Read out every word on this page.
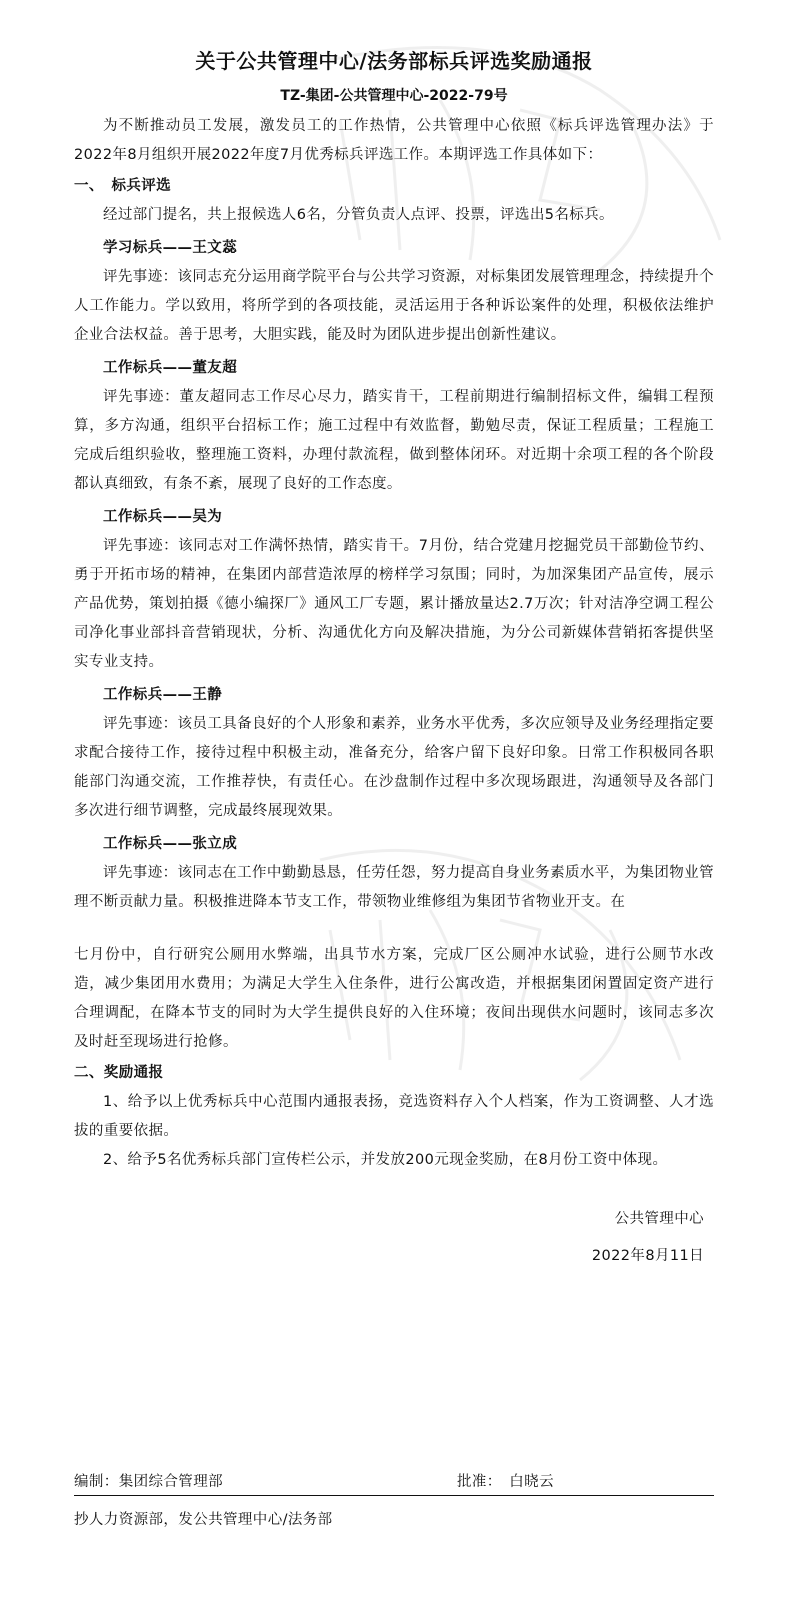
关于公共管理中心/法务部标兵评选奖励通报
TZ-集团-公共管理中心-2022-79号

为不断推动员工发展，激发员工的工作热情，公共管理中心依照《标兵评选管理办法》于2022年8月组织开展2022年度7月优秀标兵评选工作。本期评选工作具体如下：

一、　标兵评选

经过部门提名，共上报候选人6名，分管负责人点评、投票，评选出5名标兵。

学习标兵——王文蕊

评先事迹：该同志充分运用商学院平台与公共学习资源，对标集团发展管理理念，持续提升个人工作能力。学以致用，将所学到的各项技能，灵活运用于各种诉讼案件的处理，积极依法维护企业合法权益。善于思考，大胆实践，能及时为团队进步提出创新性建议。

工作标兵——董友超

评先事迹：董友超同志工作尽心尽力，踏实肯干，工程前期进行编制招标文件，编辑工程预算，多方沟通，组织平台招标工作；施工过程中有效监督，勤勉尽责，保证工程质量；工程施工完成后组织验收，整理施工资料，办理付款流程，做到整体闭环。对近期十余项工程的各个阶段都认真细致，有条不紊，展现了良好的工作态度。

工作标兵——吴为

评先事迹：该同志对工作满怀热情，踏实肯干。7月份，结合党建月挖掘党员干部勤俭节约、勇于开拓市场的精神，在集团内部营造浓厚的榜样学习氛围；同时，为加深集团产品宣传，展示产品优势，策划拍摄《德小编探厂》通风工厂专题，累计播放量达2.7万次；针对洁净空调工程公司净化事业部抖音营销现状，分析、沟通优化方向及解决措施，为分公司新媒体营销拓客提供坚实专业支持。

工作标兵——王静

评先事迹：该员工具备良好的个人形象和素养，业务水平优秀，多次应领导及业务经理指定要求配合接待工作，接待过程中积极主动，准备充分，给客户留下良好印象。日常工作积极同各职能部门沟通交流，工作推荐快，有责任心。在沙盘制作过程中多次现场跟进，沟通领导及各部门多次进行细节调整，完成最终展现效果。

工作标兵——张立成

评先事迹：该同志在工作中勤勤恳恳，任劳任怨，努力提高自身业务素质水平，为集团物业管理不断贡献力量。积极推进降本节支工作，带领物业维修组为集团节省物业开支。在

七月份中，自行研究公厕用水弊端，出具节水方案，完成厂区公厕冲水试验，进行公厕节水改造，减少集团用水费用；为满足大学生入住条件，进行公寓改造，并根据集团闲置固定资产进行合理调配，在降本节支的同时为大学生提供良好的入住环境；夜间出现供水问题时，该同志多次及时赶至现场进行抢修。

二、奖励通报

1、给予以上优秀标兵中心范围内通报表扬，竞选资料存入个人档案，作为工资调整、人才选拔的重要依据。

2、给予5名优秀标兵部门宣传栏公示，并发放200元现金奖励，在8月份工资中体现。

公共管理中心

2022年8月11日

编制：集团综合管理部	批准：　白晓云
抄人力资源部，发公共管理中心/法务部
